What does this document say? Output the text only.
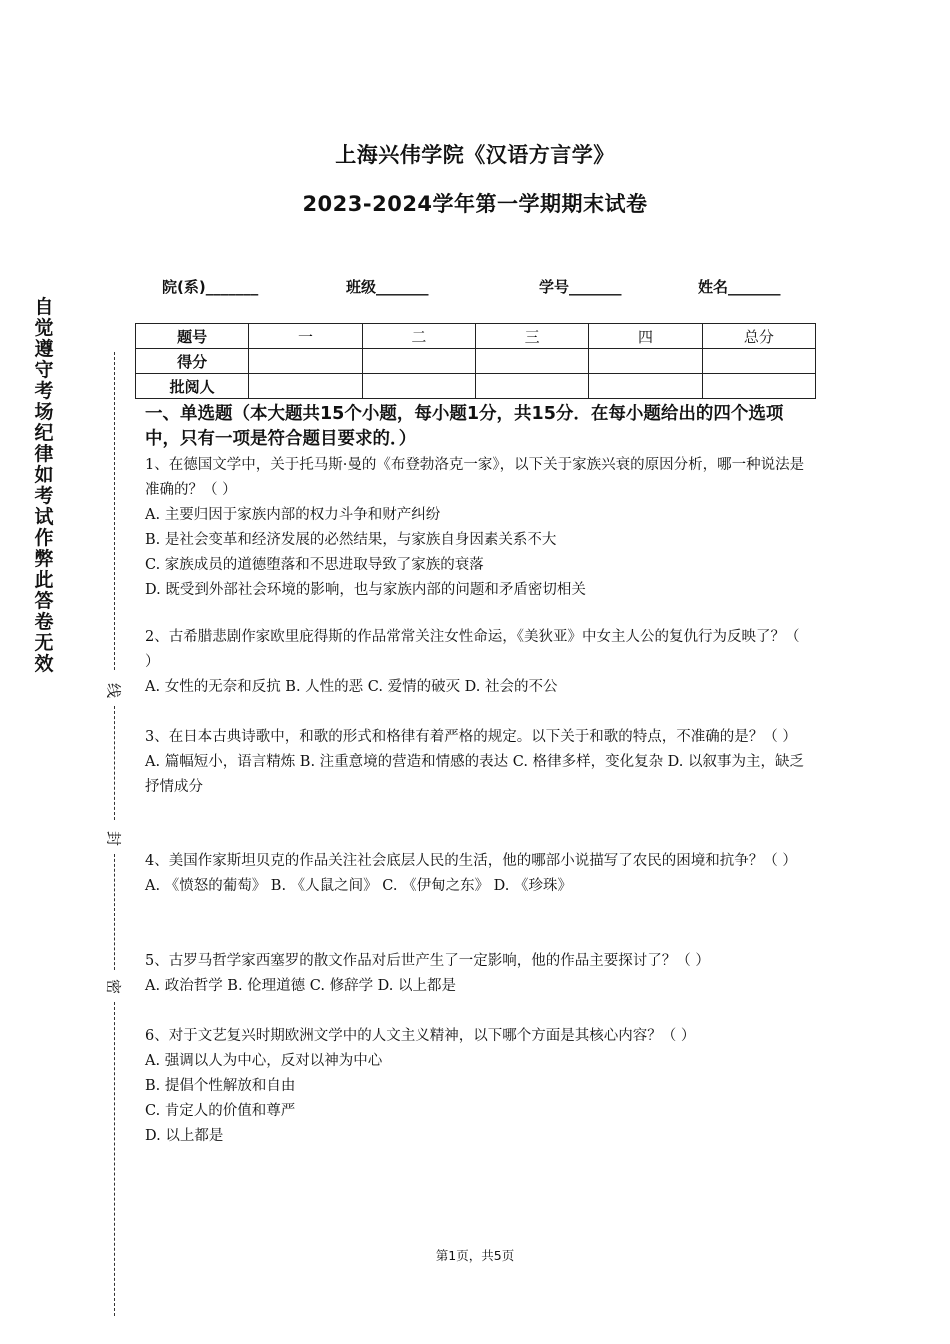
上海兴伟学院《汉语方言学》
2023-2024学年第一学期期末试卷
自觉遵守考场纪律如考试作弊此答卷无效
线
封
密
院(系)_______	班级_______	学号_______	姓名_______
题号	一	二	三	四	总分
得分					
批阅人					
一、单选题（本大题共15个小题，每小题1分，共15分．在每小题给出的四个选项中，只有一项是符合题目要求的．）

1、在德国文学中，关于托马斯·曼的《布登勃洛克一家》，以下关于家族兴衰的原因分析，哪一种说法是准确的？（ ）

A. 主要归因于家族内部的权力斗争和财产纠纷

B. 是社会变革和经济发展的必然结果，与家族自身因素关系不大

C. 家族成员的道德堕落和不思进取导致了家族的衰落

D. 既受到外部社会环境的影响，也与家族内部的问题和矛盾密切相关

2、古希腊悲剧作家欧里庇得斯的作品常常关注女性命运，《美狄亚》中女主人公的复仇行为反映了？（ ）

A. 女性的无奈和反抗 B. 人性的恶 C. 爱情的破灭 D. 社会的不公

3、在日本古典诗歌中，和歌的形式和格律有着严格的规定。以下关于和歌的特点，不准确的是？（ ）

A. 篇幅短小，语言精炼 B. 注重意境的营造和情感的表达 C. 格律多样，变化复杂 D. 以叙事为主，缺乏抒情成分

4、美国作家斯坦贝克的作品关注社会底层人民的生活，他的哪部小说描写了农民的困境和抗争？（ ）

A. 《愤怒的葡萄》 B. 《人鼠之间》 C. 《伊甸之东》 D. 《珍珠》

5、古罗马哲学家西塞罗的散文作品对后世产生了一定影响，他的作品主要探讨了？（ ）

A. 政治哲学 B. 伦理道德 C. 修辞学 D. 以上都是

6、对于文艺复兴时期欧洲文学中的人文主义精神，以下哪个方面是其核心内容？（ ）

A. 强调以人为中心，反对以神为中心

B. 提倡个性解放和自由

C. 肯定人的价值和尊严

D. 以上都是

第1页，共5页
